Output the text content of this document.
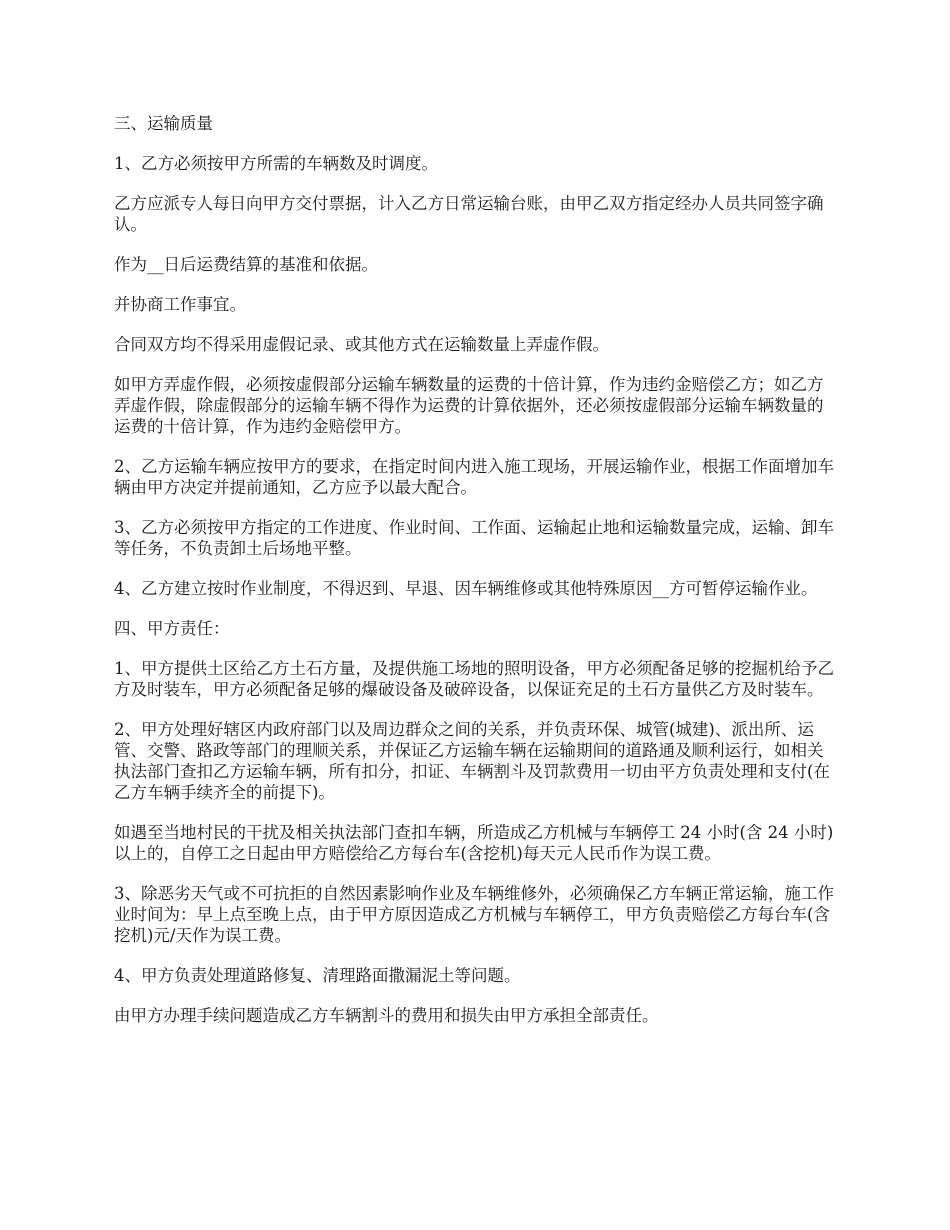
三、运输质量

1、乙方必须按甲方所需的车辆数及时调度。

乙方应派专人每日向甲方交付票据，计入乙方日常运输台账，由甲乙双方指定经办人员共同签字确认。

作为__日后运费结算的基准和依据。

并协商工作事宜。

合同双方均不得采用虚假记录、或其他方式在运输数量上弄虚作假。

如甲方弄虚作假，必须按虚假部分运输车辆数量的运费的十倍计算，作为违约金赔偿乙方；如乙方弄虚作假，除虚假部分的运输车辆不得作为运费的计算依据外，还必须按虚假部分运输车辆数量的运费的十倍计算，作为违约金赔偿甲方。

2、乙方运输车辆应按甲方的要求，在指定时间内进入施工现场，开展运输作业，根据工作面增加车辆由甲方决定并提前通知，乙方应予以最大配合。

3、乙方必须按甲方指定的工作进度、作业时间、工作面、运输起止地和运输数量完成，运输、卸车等任务，不负责卸土后场地平整。

4、乙方建立按时作业制度，不得迟到、早退、因车辆维修或其他特殊原因__方可暂停运输作业。

四、甲方责任：

1、甲方提供土区给乙方土石方量，及提供施工场地的照明设备，甲方必须配备足够的挖掘机给予乙方及时装车，甲方必须配备足够的爆破设备及破碎设备，以保证充足的土石方量供乙方及时装车。

2、甲方处理好辖区内政府部门以及周边群众之间的关系，并负责环保、城管(城建)、派出所、运管、交警、路政等部门的理顺关系，并保证乙方运输车辆在运输期间的道路通及顺利运行，如相关执法部门查扣乙方运输车辆，所有扣分，扣证、车辆割斗及罚款费用一切由平方负责处理和支付(在乙方车辆手续齐全的前提下)。

如遇至当地村民的干扰及相关执法部门查扣车辆，所造成乙方机械与车辆停工 24 小时(含 24 小时)以上的，自停工之日起由甲方赔偿给乙方每台车(含挖机)每天元人民币作为误工费。

3、除恶劣天气或不可抗拒的自然因素影响作业及车辆维修外，必须确保乙方车辆正常运输，施工作业时间为：早上点至晚上点，由于甲方原因造成乙方机械与车辆停工，甲方负责赔偿乙方每台车(含挖机)元/天作为误工费。

4、甲方负责处理道路修复、清理路面撒漏泥土等问题。

由甲方办理手续问题造成乙方车辆割斗的费用和损失由甲方承担全部责任。
